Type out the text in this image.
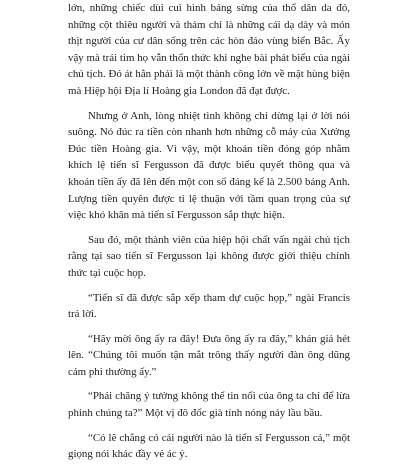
lớn, những chiếc dùi cui hình bảng sừng của thổ dân da đỏ, những cột thiêu người và thảm chỉ là những cái dạ dày và món thịt người của cư dân sống trên các hòn đảo vùng biển Bắc. Ấy vậy mà trái tim họ vẫn thổn thức khi nghe bài phát biểu của ngài chủ tịch. Đó át hẳn phải là một thành công lớn về mặt hùng biện mà Hiệp hội Địa lí Hoàng gia London đã đạt được.

Nhưng ở Anh, lòng nhiệt tình không chỉ dừng lại ở lời nói suông. Nó đúc ra tiền còn nhanh hơn những cỗ máy của Xưởng Đúc tiền Hoàng gia. Vì vậy, một khoản tiền đóng góp nhằm khích lệ tiến sĩ Fergusson đã được biểu quyết thông qua và khoản tiền ấy đã lên đến một con số đáng kể là 2.500 bảng Anh. Lượng tiền quyên được tỉ lệ thuận với tầm quan trọng của sự việc khó khăn mà tiến sĩ Fergusson sắp thực hiện.

Sau đó, một thành viên của hiệp hội chất vấn ngài chủ tịch rằng tại sao tiến sĩ Fergusson lại không được giới thiệu chính thức tại cuộc họp.

“Tiến sĩ đã được sắp xếp tham dự cuộc họp,” ngài Francis trả lời.

“Hãy mời ông ấy ra đây! Đưa ông ấy ra đây,” khán giả hét lên. “Chúng tôi muốn tận mắt trông thấy người đàn ông dũng cảm phi thường ấy.”

“Phải chăng ý tưởng không thể tin nổi của ông ta chỉ để lừa phỉnh chúng ta?” Một vị đô đốc già tính nóng nảy lầu bầu.

“Có lẽ chẳng có cái người nào là tiến sĩ Fergusson cả,” một giọng nói khác đầy vẻ ác ý.
